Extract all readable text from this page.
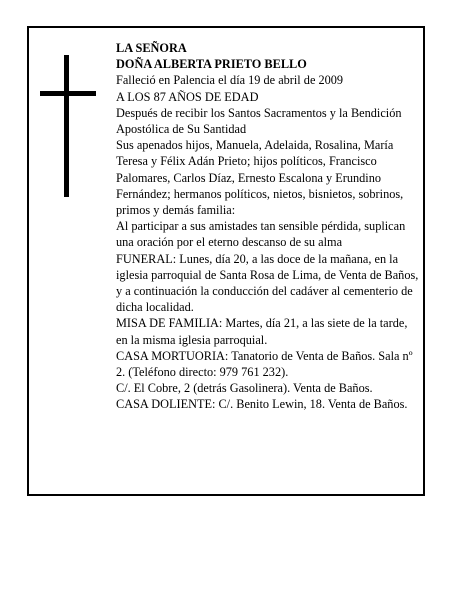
LA SEÑORA
DOÑA ALBERTA PRIETO BELLO
Falleció en Palencia el día 19 de abril de 2009
A LOS 87 AÑOS DE EDAD
Después de recibir los Santos Sacramentos y la Bendición Apostólica de Su Santidad
Sus apenados hijos, Manuela, Adelaida, Rosalina, María Teresa y Félix Adán Prieto; hijos políticos, Francisco Palomares, Carlos Díaz, Ernesto Escalona y Erundino Fernández; hermanos políticos, nietos, bisnietos, sobrinos, primos y demás familia:
Al participar a sus amistades tan sensible pérdida, suplican una oración por el eterno descanso de su alma
FUNERAL: Lunes, día 20, a las doce de la mañana, en la iglesia parroquial de Santa Rosa de Lima, de Venta de Baños, y a continuación la conducción del cadáver al cementerio de dicha localidad.
MISA DE FAMILIA: Martes, día 21, a las siete de la tarde, en la misma iglesia parroquial.
CASA MORTUORIA: Tanatorio de Venta de Baños. Sala nº 2. (Teléfono directo: 979 761 232).
C/. El Cobre, 2 (detrás Gasolinera). Venta de Baños.
CASA DOLIENTE: C/. Benito Lewin, 18. Venta de Baños.
